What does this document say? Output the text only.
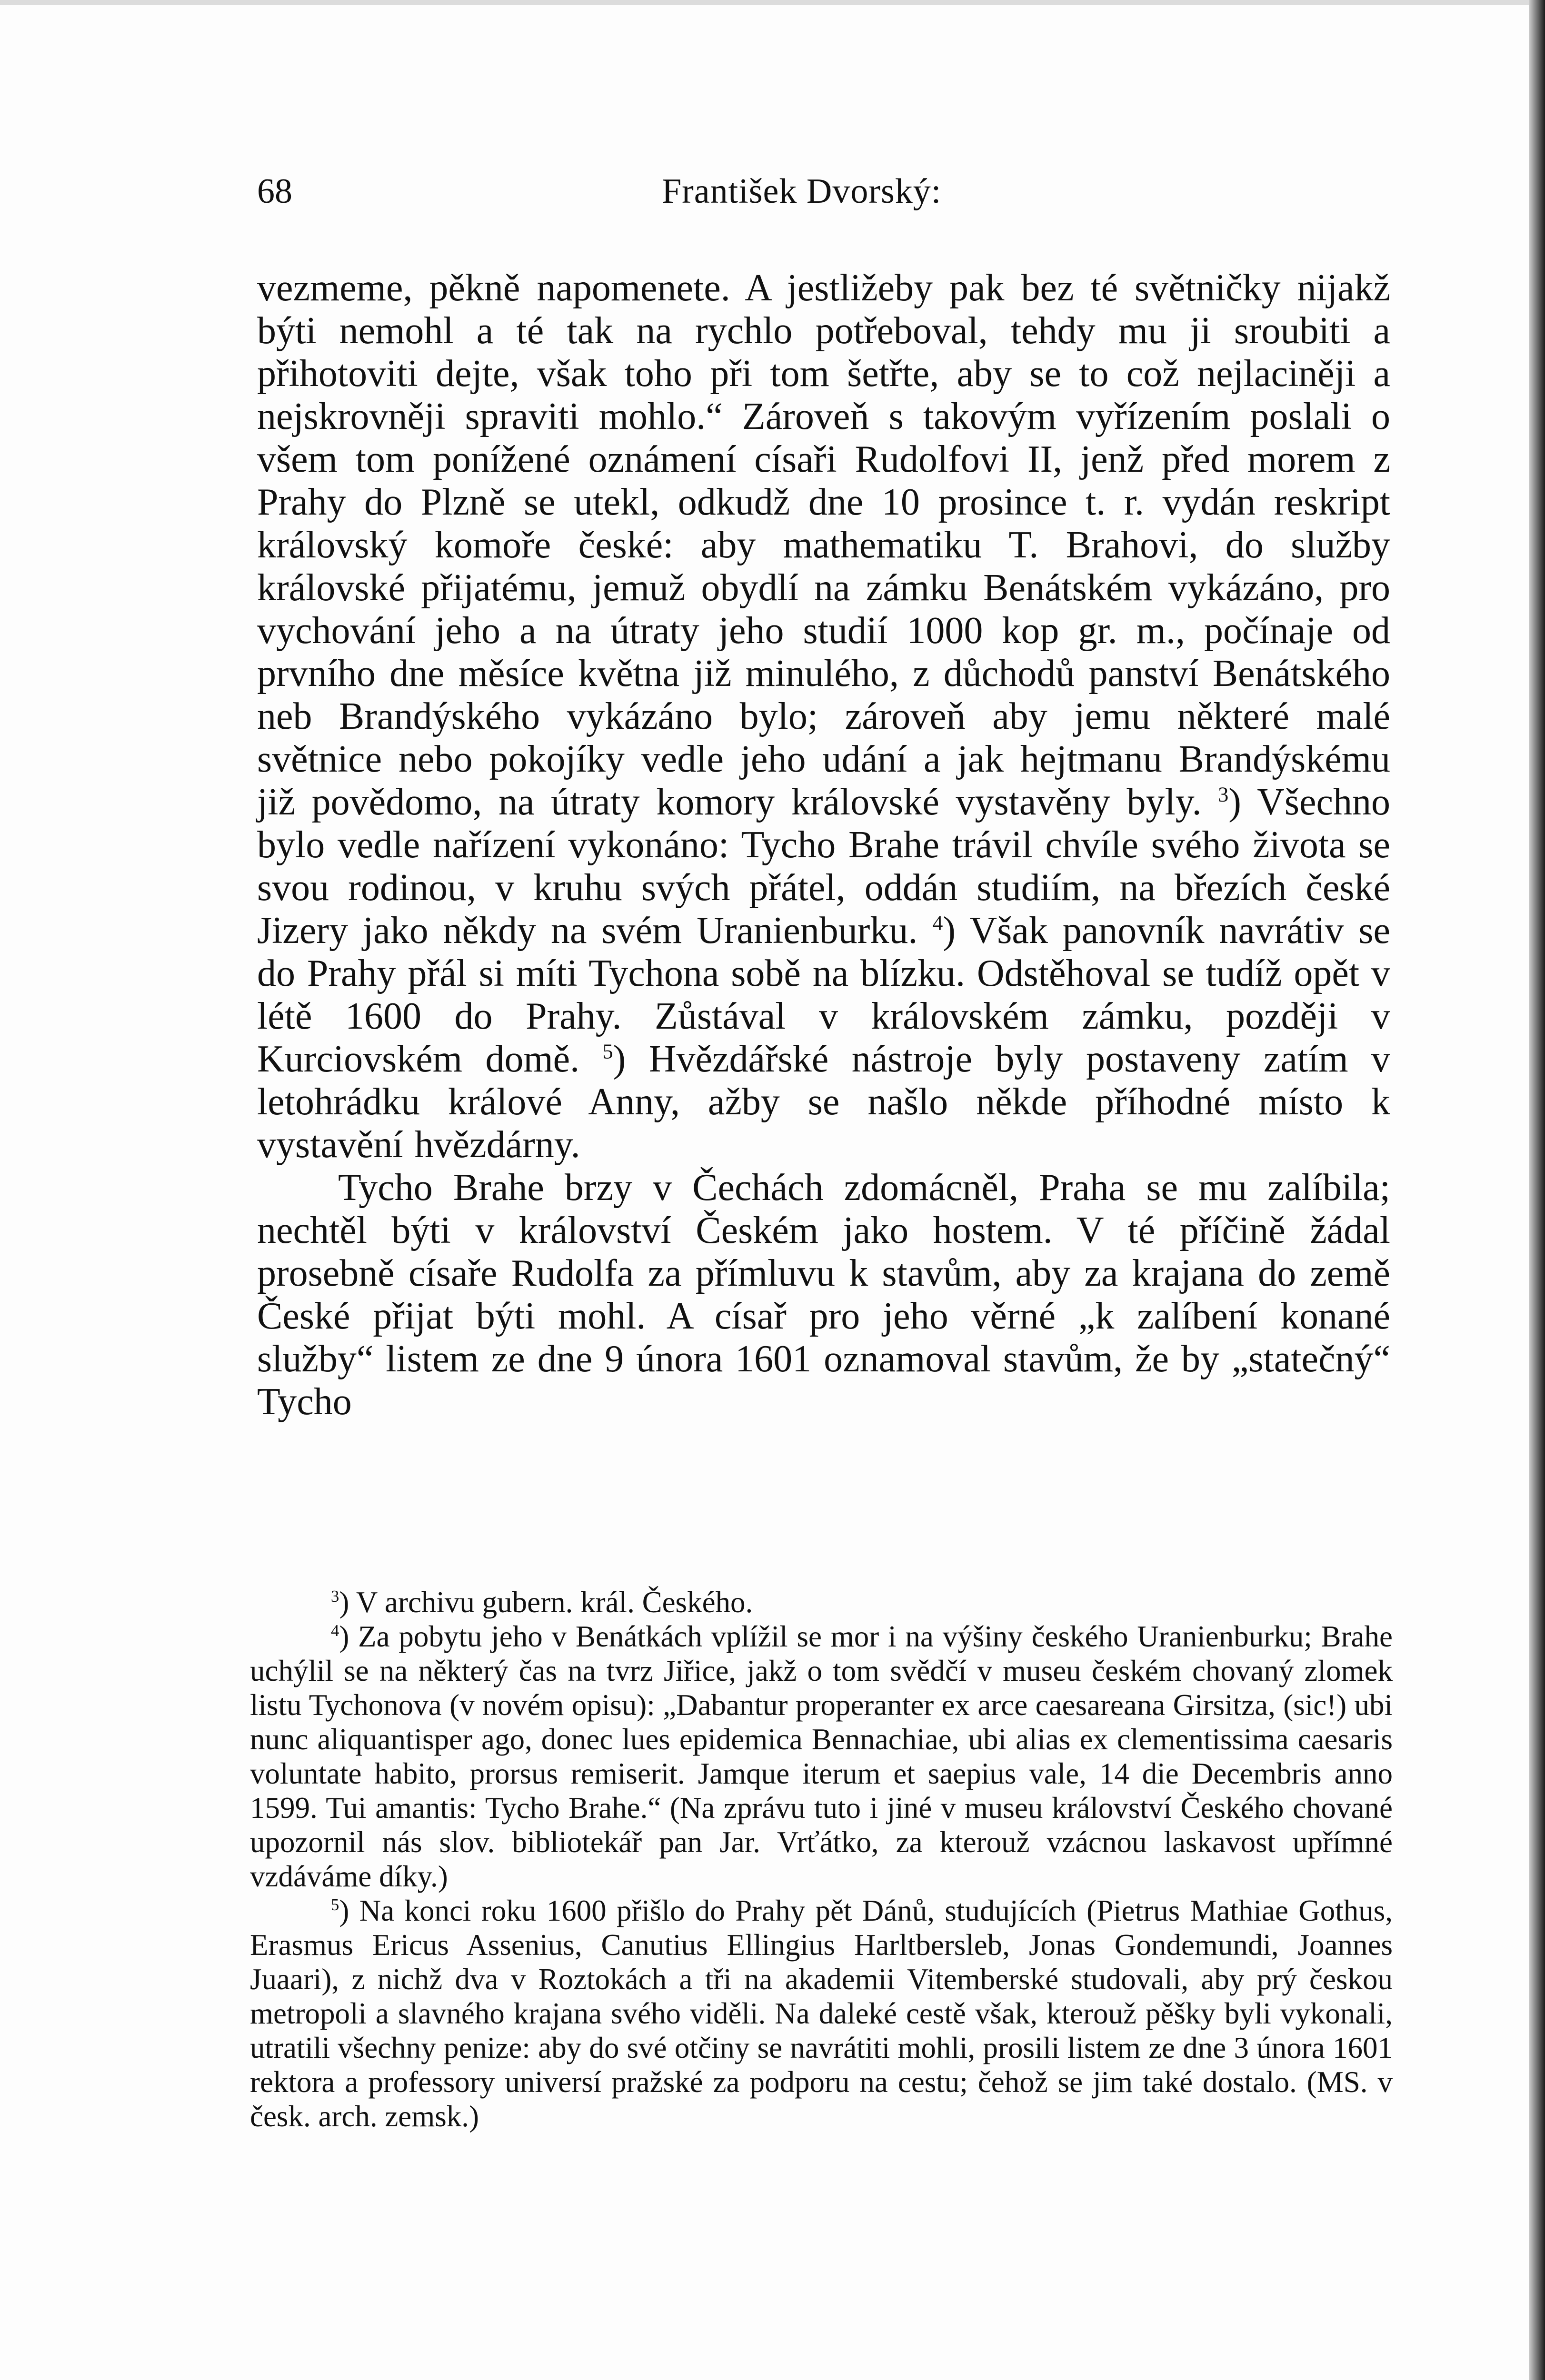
68	František Dvorský:

vezmeme, pěkně napomenete. A jestližeby pak bez té světničky nijakž býti nemohl a té tak na rychlo potřeboval, tehdy mu ji sroubiti a přihotoviti dejte, však toho při tom šetřte, aby se to což nejlaciněji a nejskrovněji spraviti mohlo.“ Zároveň s takovým vyřízením poslali o všem tom ponížené oznámení císaři Rudolfovi II, jenž před morem z Prahy do Plzně se utekl, odkudž dne 10 prosince t. r. vydán reskript královský komoře české: aby mathematiku T. Brahovi, do služby královské přijatému, jemuž obydlí na zámku Benátském vykázáno, pro vychování jeho a na útraty jeho studií 1000 kop gr. m., počínaje od prvního dne měsíce května již minulého, z důchodů panství Benátského neb Brandýského vykázáno bylo; zároveň aby jemu některé malé světnice nebo pokojíky vedle jeho udání a jak hejtmanu Brandýskému již povědomo, na útraty komory královské vystavěny byly. $^3$) Všechno bylo vedle nařízení vykonáno: Tycho Brahe trávil chvíle svého života se svou rodinou, v kruhu svých přátel, oddán studiím, na březích české Jizery jako někdy na svém Uranienburku. $^4$) Však panovník navrátiv se do Prahy přál si míti Tychona sobě na blízku. Odstěhoval se tudíž opět v létě 1600 do Prahy. Zůstával v královském zámku, později v Kurciovském domě. $^5$) Hvězdářské nástroje byly postaveny zatím v letohrádku králové Anny, ažby se našlo někde příhodné místo k vystavění hvězdárny.

Tycho Brahe brzy v Čechách zdomácněl, Praha se mu zalíbila; nechtěl býti v království Českém jako hostem. V té příčině žádal prosebně císaře Rudolfa za přímluvu k stavům, aby za krajana do země České přijat býti mohl. A císař pro jeho věrné „k zalíbení konané služby“ listem ze dne 9 února 1601 oznamoval stavům, že by „statečný“ Tycho

$^3$) V archivu gubern. král. Českého.

$^4$) Za pobytu jeho v Benátkách vplížil se mor i na výšiny českého Uranienburku; Brahe uchýlil se na některý čas na tvrz Jiřice, jakž o tom svědčí v museu českém chovaný zlomek listu Tychonova (v novém opisu): „Dabantur properanter ex arce caesareana Girsitza, (sic!) ubi nunc aliquantisper ago, donec lues epidemica Bennachiae, ubi alias ex clementissima caesaris voluntate habito, prorsus remiserit. Jamque iterum et saepius vale, 14 die Decembris anno 1599. Tui amantis: Tycho Brahe.“ (Na zprávu tuto i jiné v museu království Českého chované upozornil nás slov. bibliotekář pan Jar. Vrťátko, za kterouž vzácnou laskavost upřímné vzdáváme díky.)

$^5$) Na konci roku 1600 přišlo do Prahy pět Dánů, studujících (Pietrus Mathiae Gothus, Erasmus Ericus Assenius, Canutius Ellingius Harltbersleb, Jonas Gondemundi, Joannes Juaari), z nichž dva v Roztokách a tři na akademii Vitemberské studovali, aby prý českou metropoli a slavného krajana svého viděli. Na daleké cestě však, kterouž pěšky byli vykonali, utratili všechny penize: aby do své otčiny se navrátiti mohli, prosili listem ze dne 3 února 1601 rektora a professory universí pražské za podporu na cestu; čehož se jim také dostalo. (MS. v česk. arch. zemsk.)
